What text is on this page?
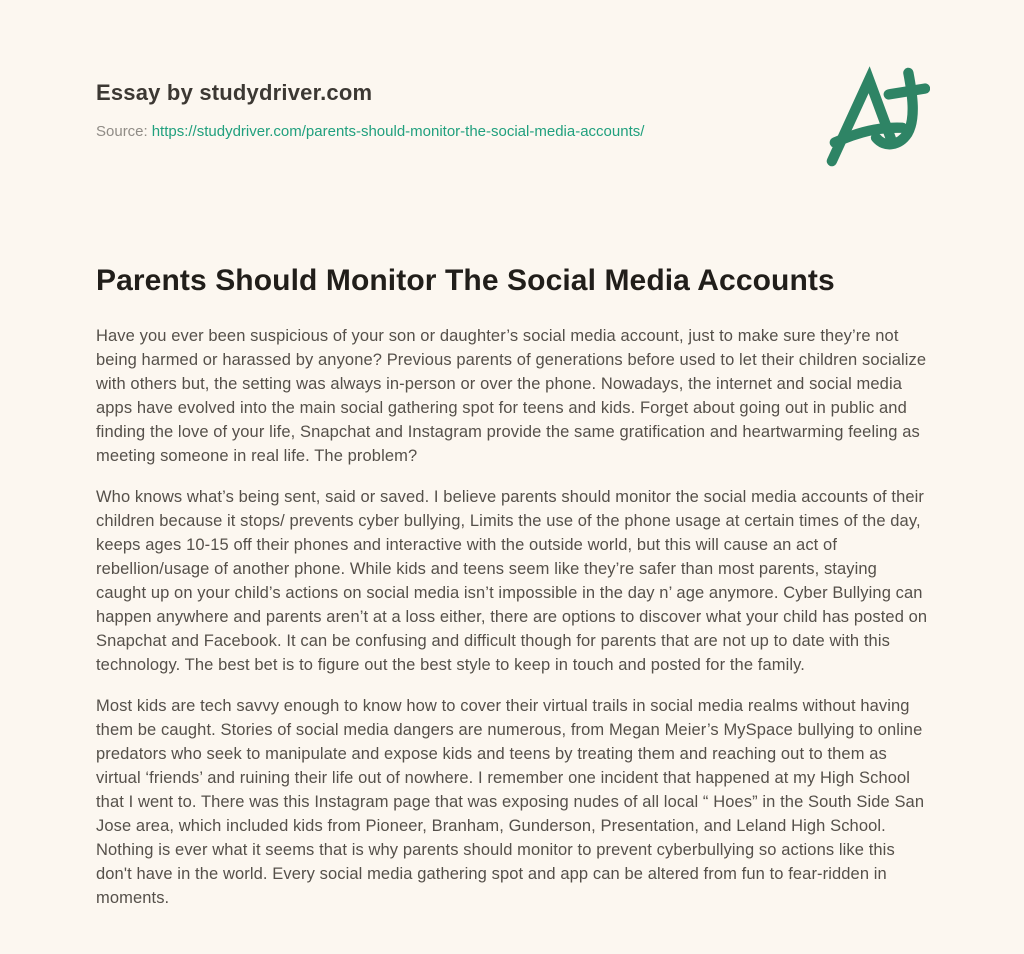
Essay by studydriver.com
Source: https://studydriver.com/parents-should-monitor-the-social-media-accounts/
Parents Should Monitor The Social Media Accounts

Have you ever been suspicious of your son or daughter’s social media account, just to make sure they’re not being harmed or harassed by anyone? Previous parents of generations before used to let their children socialize with others but, the setting was always in-person or over the phone. Nowadays, the internet and social media apps have evolved into the main social gathering spot for teens and kids. Forget about going out in public and finding the love of your life, Snapchat and Instagram provide the same gratification and heartwarming feeling as meeting someone in real life. The problem?

Who knows what’s being sent, said or saved. I believe parents should monitor the social media accounts of their children because it stops/ prevents cyber bullying, Limits the use of the phone usage at certain times of the day, keeps ages 10-15 off their phones and interactive with the outside world, but this will cause an act of rebellion/usage of another phone. While kids and teens seem like they’re safer than most parents, staying caught up on your child’s actions on social media isn’t impossible in the day n’ age anymore. Cyber Bullying can happen anywhere and parents aren’t at a loss either, there are options to discover what your child has posted on Snapchat and Facebook. It can be confusing and difficult though for parents that are not up to date with this technology. The best bet is to figure out the best style to keep in touch and posted for the family.

Most kids are tech savvy enough to know how to cover their virtual trails in social media realms without having them be caught. Stories of social media dangers are numerous, from Megan Meier’s MySpace bullying to online predators who seek to manipulate and expose kids and teens by treating them and reaching out to them as virtual ‘friends’ and ruining their life out of nowhere. I remember one incident that happened at my High School that I went to. There was this Instagram page that was exposing nudes of all local “ Hoes” in the South Side San Jose area, which included kids from Pioneer, Branham, Gunderson, Presentation, and Leland High School. Nothing is ever what it seems that is why parents should monitor to prevent cyberbullying so actions like this don't have in the world. Every social media gathering spot and app can be altered from fun to fear-ridden in moments.
